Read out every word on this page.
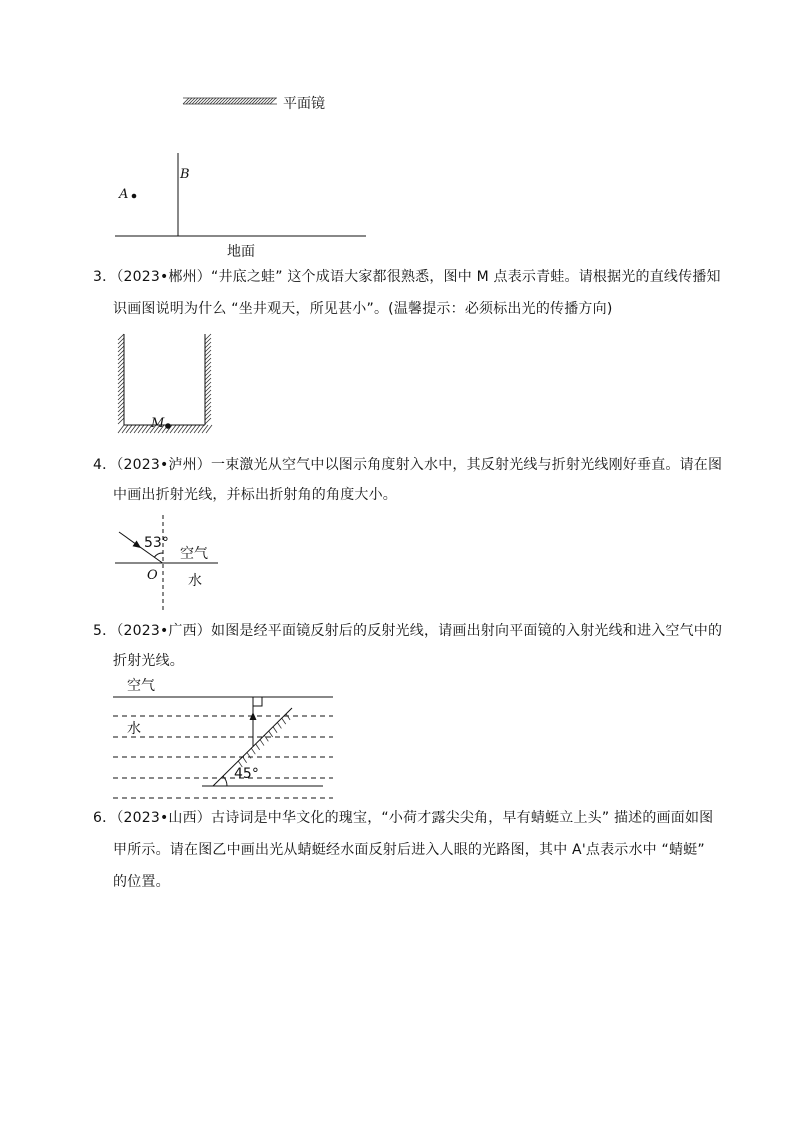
平面镜
B
A
地面
M
53°
空气
O 水
空气
水
45°
3．（2023•郴州）“井底之蛙” 这个成语大家都很熟悉，图中 M 点表示青蛙。请根据光的直线传播知
识画图说明为什么 “坐井观天，所见甚小”。(温馨提示：必须标出光的传播方向)
4．（2023•泸州）一束激光从空气中以图示角度射入水中，其反射光线与折射光线刚好垂直。请在图
中画出折射光线，并标出折射角的角度大小。
5．（2023•广西）如图是经平面镜反射后的反射光线，请画出射向平面镜的入射光线和进入空气中的
折射光线。
6．（2023•山西）古诗词是中华文化的瑰宝，“小荷才露尖尖角，早有蜻蜓立上头” 描述的画面如图
甲所示。请在图乙中画出光从蜻蜓经水面反射后进入人眼的光路图，其中 A'点表示水中 “蜻蜓”
的位置。
